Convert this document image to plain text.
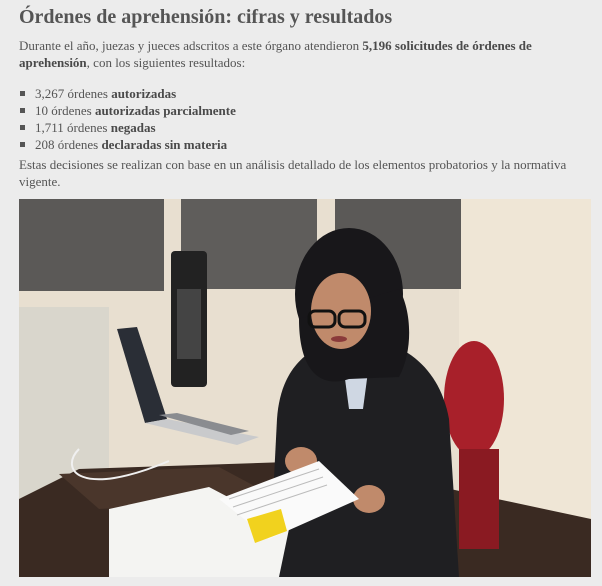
Órdenes de aprehensión: cifras y resultados

Durante el año, juezas y jueces adscritos a este órgano atendieron 5,196 solicitudes de órdenes de aprehensión, con los siguientes resultados:

3,267 órdenes autorizadas
10 órdenes autorizadas parcialmente
1,711 órdenes negadas
208 órdenes declaradas sin materia

Estas decisiones se realizan con base en un análisis detallado de los elementos probatorios y la normativa vigente.
